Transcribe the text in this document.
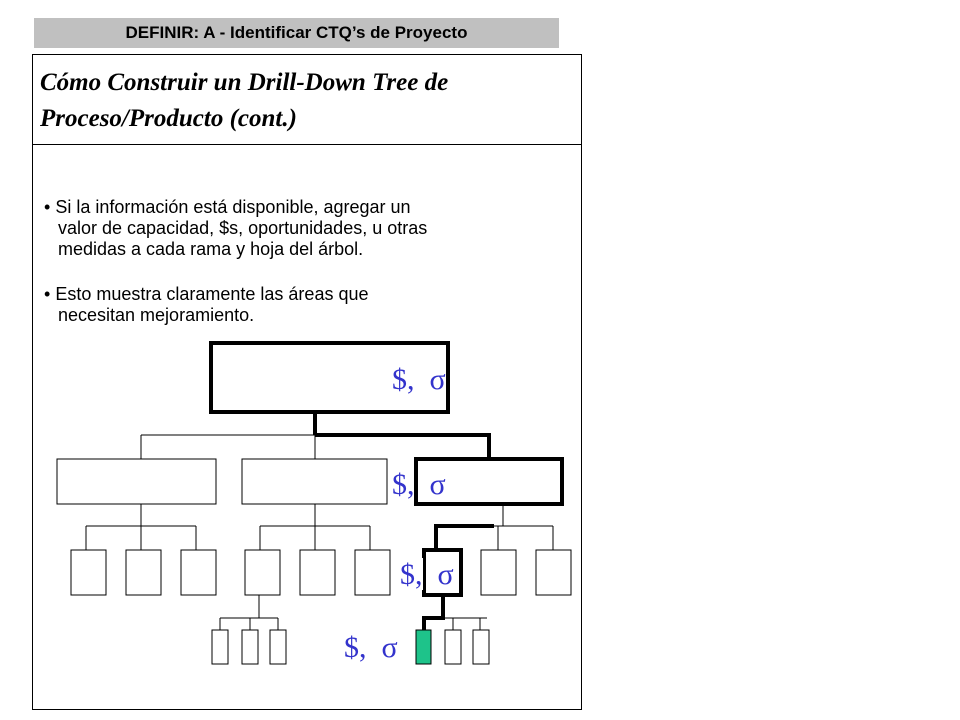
DEFINIR: A - Identificar CTQ’s de Proyecto
Cómo Construir un Drill-Down Tree de Proceso/Producto (cont.)
• Si la información está disponible, agregar un
valor de capacidad, $s, oportunidades, u otras
medidas a cada rama y hoja del árbol.
• Esto muestra claramente las áreas que
necesitan mejoramiento.
$,  σ
$,  σ
$,  σ
$,  σ
